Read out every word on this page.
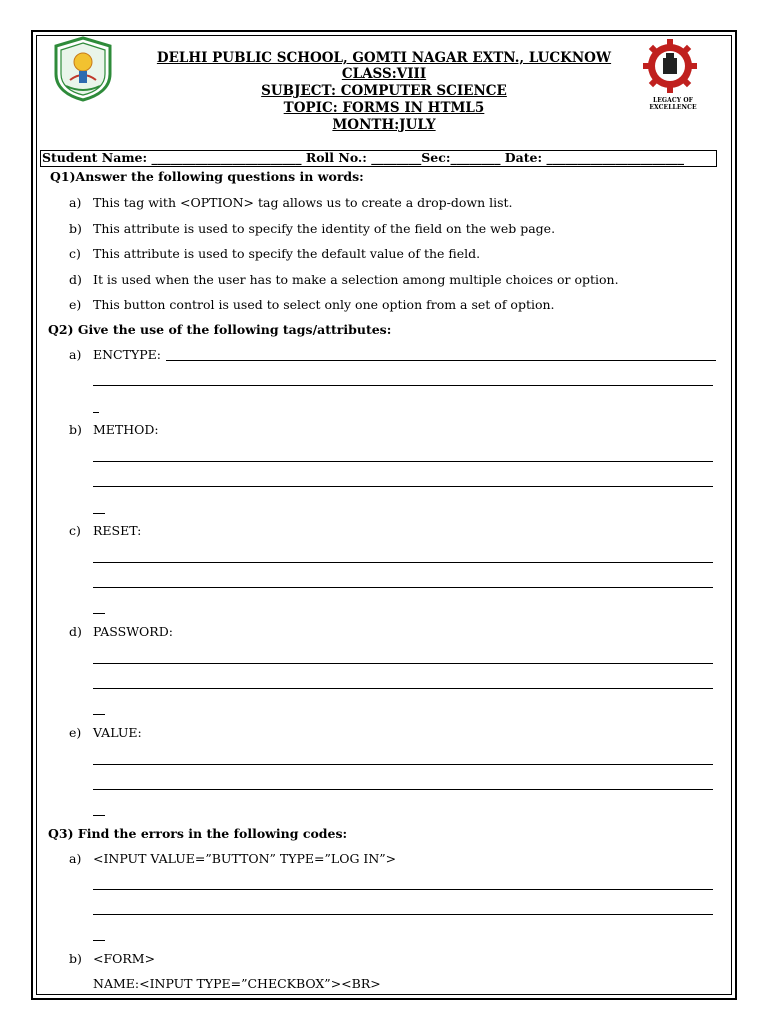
DELHI PUBLIC SCHOOL, GOMTI NAGAR EXTN., LUCKNOW
CLASS:VIII
SUBJECT: COMPUTER SCIENCE
TOPIC: FORMS IN HTML5
MONTH:JULY
LEGACY OF EXCELLENCE
Student Name: ________________________ Roll No.: ________Sec:________ Date: ______________________
Q1)Answer the following questions in words:
a) This tag with <OPTION> tag allows us to create a drop-down list.
b) This attribute is used to specify the identity of the field on the web page.
c) This attribute is used to specify the default value of the field.
d) It is used when the user has to make a selection among multiple choices or option.
e) This button control is used to select only one option from a set of option.
Q2) Give the use of the following tags/attributes:
a) ENCTYPE:
b) METHOD:
c) RESET:
d) PASSWORD:
e) VALUE:
Q3) Find the errors in the following codes:
a) <INPUT VALUE=”BUTTON” TYPE=”LOG IN”>
b) <FORM>
NAME:<INPUT TYPE=”CHECKBOX”><BR>
